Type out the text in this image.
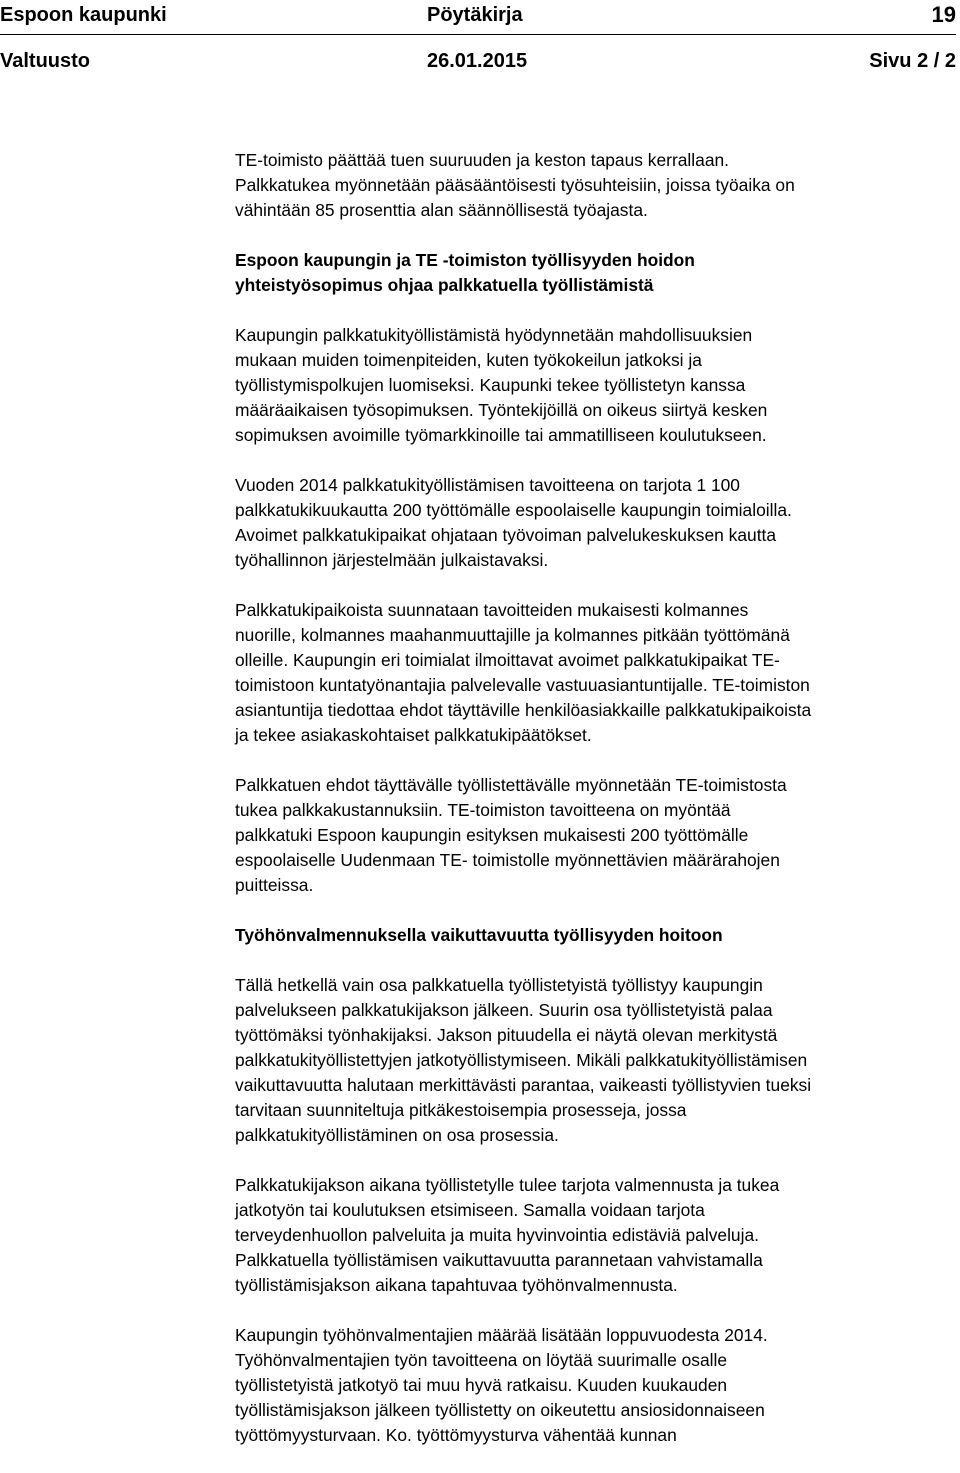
Espoon kaupunki	Pöytäkirja	19
Valtuusto	26.01.2015	Sivu 2 / 2

TE-toimisto päättää tuen suuruuden ja keston tapaus kerrallaan.
Palkkatukea myönnetään pääsääntöisesti työsuhteisiin, joissa työaika on
vähintään 85 prosenttia alan säännöllisestä työajasta.

Espoon kaupungin ja TE -toimiston työllisyyden hoidon
yhteistyösopimus ohjaa palkkatuella työllistämistä

Kaupungin palkkatukityöllistämistä hyödynnetään mahdollisuuksien
mukaan muiden toimenpiteiden, kuten työkokeilun jatkoksi ja
työllistymispolkujen luomiseksi. Kaupunki tekee työllistetyn kanssa
määräaikaisen työsopimuksen. Työntekijöillä on oikeus siirtyä kesken
sopimuksen avoimille työmarkkinoille tai ammatilliseen koulutukseen.

Vuoden 2014 palkkatukityöllistämisen tavoitteena on tarjota 1 100
palkkatukikuukautta 200 työttömälle espoolaiselle kaupungin toimialoilla.
Avoimet palkkatukipaikat ohjataan työvoiman palvelukeskuksen kautta
työhallinnon järjestelmään julkaistavaksi.

Palkkatukipaikoista suunnataan tavoitteiden mukaisesti kolmannes
nuorille, kolmannes maahanmuuttajille ja kolmannes pitkään työttömänä
olleille. Kaupungin eri toimialat ilmoittavat avoimet palkkatukipaikat TE-
toimistoon kuntatyönantajia palvelevalle vastuuasiantuntijalle. TE-toimiston
asiantuntija tiedottaa ehdot täyttäville henkilöasiakkaille palkkatukipaikoista
ja tekee asiakaskohtaiset palkkatukipäätökset.

Palkkatuen ehdot täyttävälle työllistettävälle myönnetään TE-toimistosta
tukea palkkakustannuksiin. TE-toimiston tavoitteena on myöntää
palkkatuki Espoon kaupungin esityksen mukaisesti 200 työttömälle
espoolaiselle Uudenmaan TE- toimistolle myönnettävien määrärahojen
puitteissa.

Työhönvalmennuksella vaikuttavuutta työllisyyden hoitoon

Tällä hetkellä vain osa palkkatuella työllistetyistä työllistyy kaupungin
palvelukseen palkkatukijakson jälkeen. Suurin osa työllistetyistä palaa
työttömäksi työnhakijaksi. Jakson pituudella ei näytä olevan merkitystä
palkkatukityöllistettyjen jatkotyöllistymiseen. Mikäli palkkatukityöllistämisen
vaikuttavuutta halutaan merkittävästi parantaa, vaikeasti työllistyvien tueksi
tarvitaan suunniteltuja pitkäkestoisempia prosesseja, jossa
palkkatukityöllistäminen on osa prosessia.

Palkkatukijakson aikana työllistetylle tulee tarjota valmennusta ja tukea
jatkotyön tai koulutuksen etsimiseen. Samalla voidaan tarjota
terveydenhuollon palveluita ja muita hyvinvointia edistäviä palveluja.
Palkkatuella työllistämisen vaikuttavuutta parannetaan vahvistamalla
työllistämisjakson aikana tapahtuvaa työhönvalmennusta.

Kaupungin työhönvalmentajien määrää lisätään loppuvuodesta 2014.
Työhönvalmentajien työn tavoitteena on löytää suurimalle osalle
työllistetyistä jatkotyö tai muu hyvä ratkaisu. Kuuden kuukauden
työllistämisjakson jälkeen työllistetty on oikeutettu ansiosidonnaiseen
työttömyysturvaan. Ko. työttömyysturva vähentää kunnan
